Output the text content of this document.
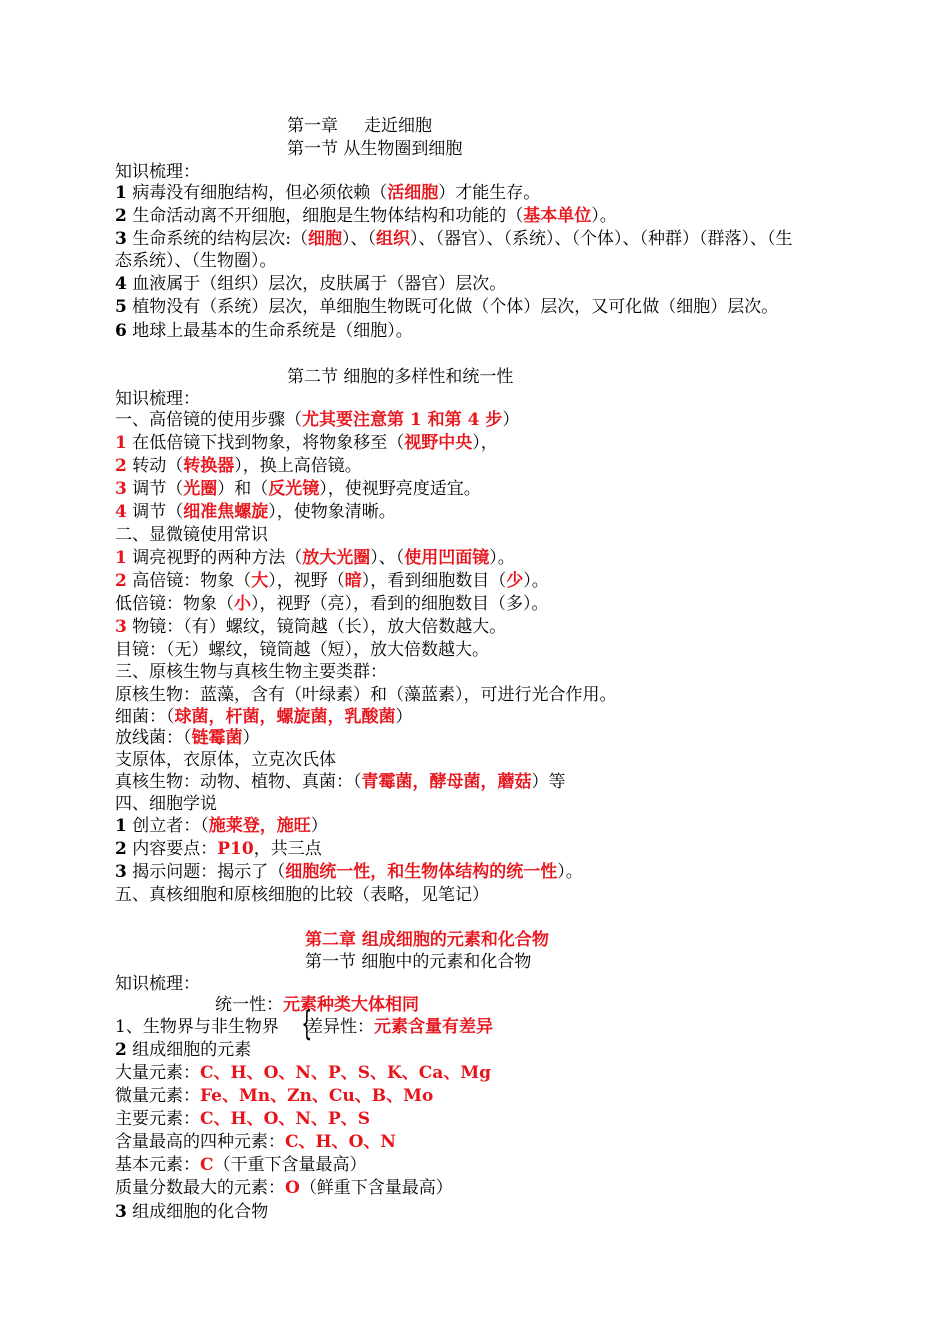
第一章 走近细胞
第一节 从生物圈到细胞
知识梳理：
1 病毒没有细胞结构，但必须依赖（活细胞）才能生存。
2 生命活动离不开细胞，细胞是生物体结构和功能的（基本单位）。
3 生命系统的结构层次:（细胞）、（组织）、（器官）、（系统）、（个体）、（种群）（群落）、（生
态系统）、（生物圈）。
4 血液属于（组织）层次，皮肤属于（器官）层次。
5 植物没有（系统）层次，单细胞生物既可化做（个体）层次，又可化做（细胞）层次。
6 地球上最基本的生命系统是（细胞）。
第二节 细胞的多样性和统一性
知识梳理：
一、高倍镜的使用步骤（尤其要注意第 1 和第 4 步）
1 在低倍镜下找到物象，将物象移至（视野中央），
2 转动（转换器），换上高倍镜。
3 调节（光圈）和（反光镜），使视野亮度适宜。
4 调节（细准焦螺旋），使物象清晰。
二、显微镜使用常识
1 调亮视野的两种方法（放大光圈）、（使用凹面镜）。
2 高倍镜：物象（大），视野（暗），看到细胞数目（少）。
低倍镜：物象（小），视野（亮），看到的细胞数目（多）。
3 物镜：（有）螺纹，镜筒越（长），放大倍数越大。
目镜：（无）螺纹，镜筒越（短），放大倍数越大。
三、原核生物与真核生物主要类群：
原核生物：蓝藻，含有（叶绿素）和（藻蓝素），可进行光合作用。
细菌：（球菌，杆菌，螺旋菌，乳酸菌）
放线菌：（链霉菌）
支原体，衣原体，立克次氏体
真核生物：动物、植物、真菌：（青霉菌，酵母菌，蘑菇）等
四、细胞学说
1 创立者：（施莱登，施旺）
2 内容要点：P10，共三点
3 揭示问题：揭示了（细胞统一性，和生物体结构的统一性）。
五、真核细胞和原核细胞的比较（表略，见笔记）
第二章 组成细胞的元素和化合物
第一节 细胞中的元素和化合物
知识梳理：
统一性：元素种类大体相同
{
1、生物界与非生物界 差异性：元素含量有差异
2 组成细胞的元素
大量元素：C、H、O、N、P、S、K、Ca、Mg
微量元素：Fe、Mn、Zn、Cu、B、Mo
主要元素：C、H、O、N、P、S
含量最高的四种元素：C、H、O、N
基本元素：C（干重下含量最高）
质量分数最大的元素：O（鲜重下含量最高）
3 组成细胞的化合物
